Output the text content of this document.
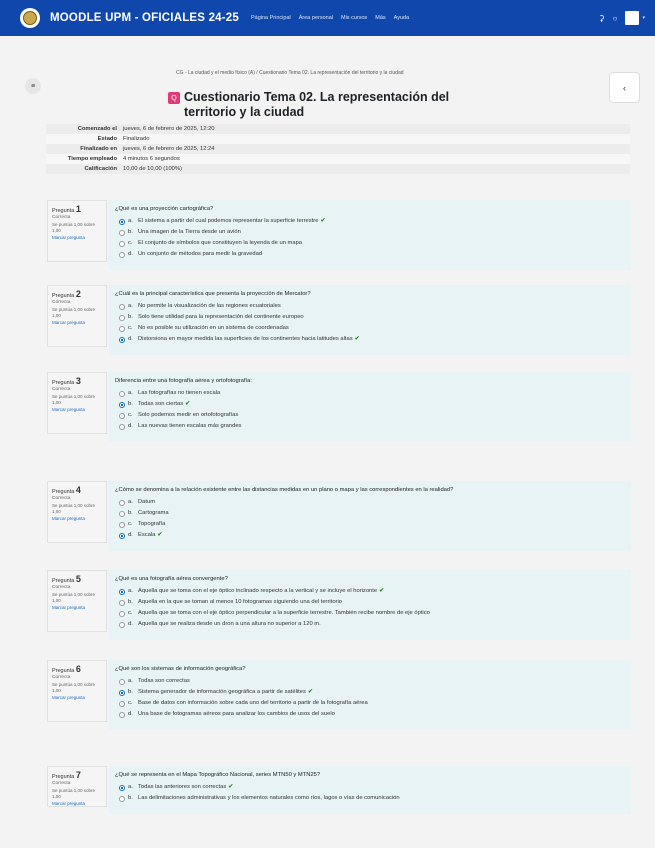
MOODLE UPM - OFICIALES 24-25 Página Principal Área personal Mis cursos Más Ayuda	⚳ ○	▾
≡	‹
CG - La ciudad y el medio físico (A) / Cuestionario Tema 02. La representación del territorio y la ciudad
Q Cuestionario Tema 02. La representación del territorio y la ciudad
Comenzado el	jueves, 6 de febrero de 2025, 12:20
Estado	Finalizado
Finalizado en	jueves, 6 de febrero de 2025, 12:24
Tiempo empleado	4 minutos 6 segundos
Calificación	10,00 de 10,00 (100%)
Pregunta 1
Correcta
Se puntúa 1,00 sobre 1,00
Marcar pregunta
¿Qué es una proyección cartográfica?
a. El sistema a partir del cual podemos representar la superficie terrestre ✔
b. Una imagen de la Tierra desde un avión
c. El conjunto de símbolos que constituyen la leyenda de un mapa
d. Un conjunto de métodos para medir la gravedad
Pregunta 2
Correcta
Se puntúa 1,00 sobre 1,00
Marcar pregunta
¿Cuál es la principal característica que presenta la proyección de Mercator?
a. No permite la visualización de las regiones ecuatoriales
b. Solo tiene utilidad para la representación del continente europeo
c. No es posible su utilización en un sistema de coordenadas
d. Distorsiona en mayor medida las superficies de los continentes hacia latitudes altas ✔
Pregunta 3
Correcta
Se puntúa 1,00 sobre 1,00
Marcar pregunta
Diferencia entre una fotografía aérea y ortofotografía:
a. Las fotografías no tienen escala
b. Todas son ciertas ✔
c. Solo podemos medir en ortofotografías
d. Las nuevas tienen escalas más grandes
Pregunta 4
Correcta
Se puntúa 1,00 sobre 1,00
Marcar pregunta
¿Cómo se denomina a la relación existente entre las distancias medidas en un plano o mapa y las correspondientes en la realidad?
a. Datum
b. Cartograma
c. Topografía
d. Escala ✔
Pregunta 5
Correcta
Se puntúa 1,00 sobre 1,00
Marcar pregunta
¿Qué es una fotografía aérea convergente?
a. Aquella que se toma con el eje óptico inclinado respecto a la vertical y se incluye el horizonte ✔
b. Aquella en la que se toman al menos 10 fotogramas siguiendo una del territorio
c. Aquella que se toma con el eje óptico perpendicular a la superficie terrestre. También recibe nombre de eje óptico
d. Aquella que se realiza desde un dron a una altura no superior a 120 m.
Pregunta 6
Correcta
Se puntúa 1,00 sobre 1,00
Marcar pregunta
¿Qué son los sistemas de información geográfica?
a. Todas son correctas
b. Sistema generador de información geográfica a partir de satélites ✔
c. Base de datos con información sobre cada uno del territorio a partir de la fotografía aérea
d. Una base de fotogramas aéreos para analizar los cambios de usos del suelo
Pregunta 7
Correcta
Se puntúa 1,00 sobre 1,00
Marcar pregunta
¿Qué se representa en el Mapa Topográfico Nacional, series MTN50 y MTN25?
a. Todas las anteriores son correctas ✔
b. Las delimitaciones administrativas y los elementos naturales como ríos, lagos o vías de comunicación
